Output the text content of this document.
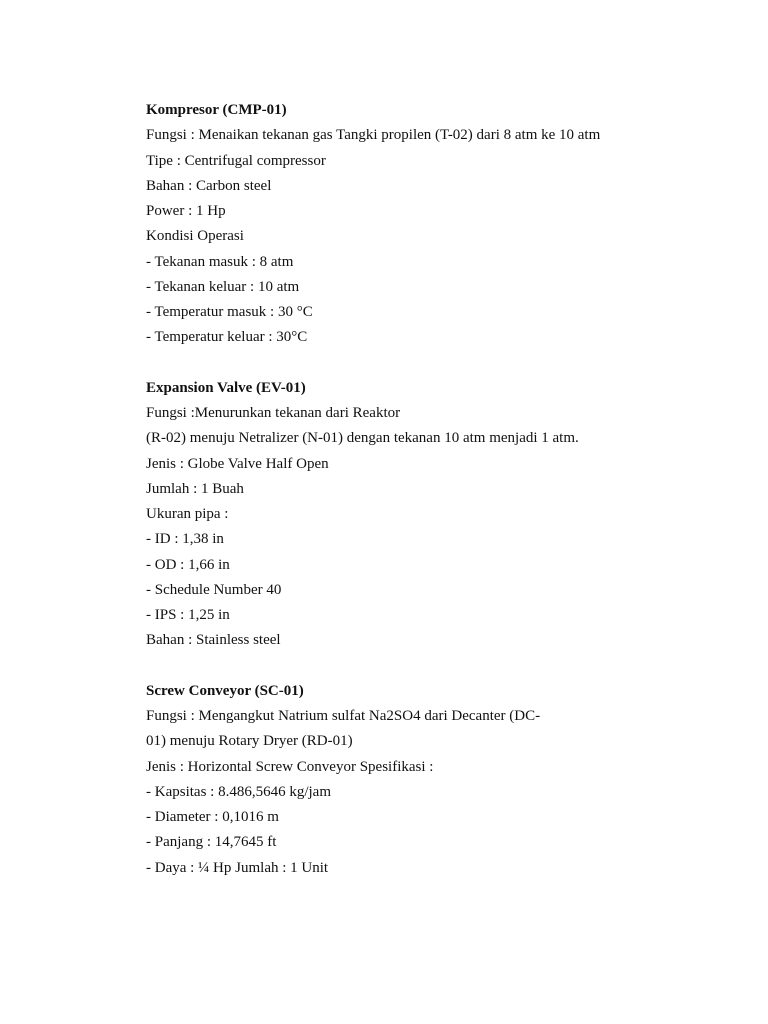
Kompresor (CMP-01)
Fungsi : Menaikan tekanan gas Tangki propilen (T-02) dari 8 atm ke 10 atm
Tipe : Centrifugal compressor
Bahan : Carbon steel
Power : 1 Hp
Kondisi Operasi
- Tekanan masuk : 8 atm
- Tekanan keluar : 10 atm
- Temperatur masuk : 30 °C
- Temperatur keluar : 30°C
Expansion Valve (EV-01)
Fungsi :Menurunkan tekanan dari Reaktor
(R-02) menuju Netralizer (N-01) dengan tekanan 10 atm menjadi 1 atm.
Jenis : Globe Valve Half Open
Jumlah : 1 Buah
Ukuran pipa :
- ID : 1,38 in
- OD : 1,66 in
- Schedule Number 40
- IPS : 1,25 in
Bahan : Stainless steel
Screw Conveyor (SC-01)
Fungsi : Mengangkut Natrium sulfat Na2SO4 dari Decanter (DC-
01) menuju Rotary Dryer (RD-01)
Jenis : Horizontal Screw Conveyor Spesifikasi :
- Kapsitas : 8.486,5646 kg/jam
- Diameter : 0,1016 m
- Panjang : 14,7645 ft
- Daya : ¼ Hp Jumlah : 1 Unit
